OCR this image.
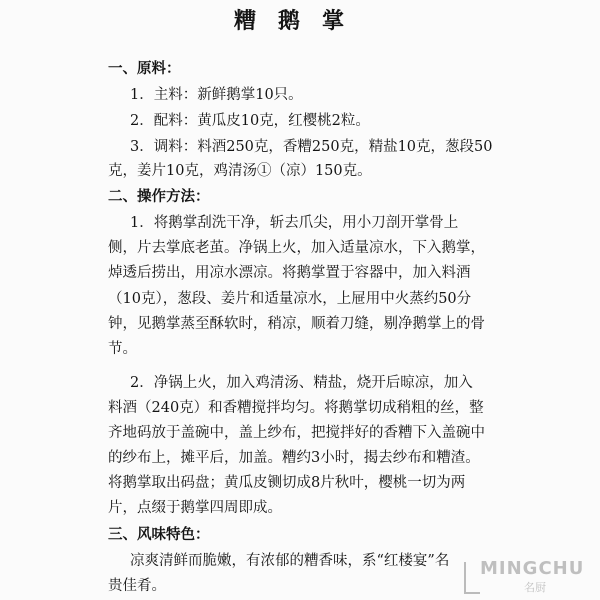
糟鹅掌
一、原料：
1．主料：新鲜鹅掌10只。
2．配料：黄瓜皮10克，红樱桃2粒。
3．调料：料酒250克，香糟250克，精盐10克，葱段50
克，姜片10克，鸡清汤①（凉）150克。
二、操作方法：
1．将鹅掌刮洗干净，斩去爪尖，用小刀剖开掌骨上
侧，片去掌底老茧。净锅上火，加入适量凉水，下入鹅掌，
焯透后捞出，用凉水漂凉。将鹅掌置于容器中，加入料酒
（10克），葱段、姜片和适量凉水，上屉用中火蒸约50分
钟，见鹅掌蒸至酥软时，稍凉，顺着刀缝，剔净鹅掌上的骨
节。
2．净锅上火，加入鸡清汤、精盐，烧开后晾凉，加入
料酒（240克）和香糟搅拌均匀。将鹅掌切成稍粗的丝，整
齐地码放于盖碗中，盖上纱布，把搅拌好的香糟下入盖碗中
的纱布上，摊平后，加盖。糟约3小时，揭去纱布和糟渣。
将鹅掌取出码盘；黄瓜皮铡切成8片秋叶，樱桃一切为两
片，点缀于鹅掌四周即成。
三、风味特色：
凉爽清鲜而脆嫩，有浓郁的糟香味，系“红楼宴”名
贵佳肴。
MINGCHU
名厨
